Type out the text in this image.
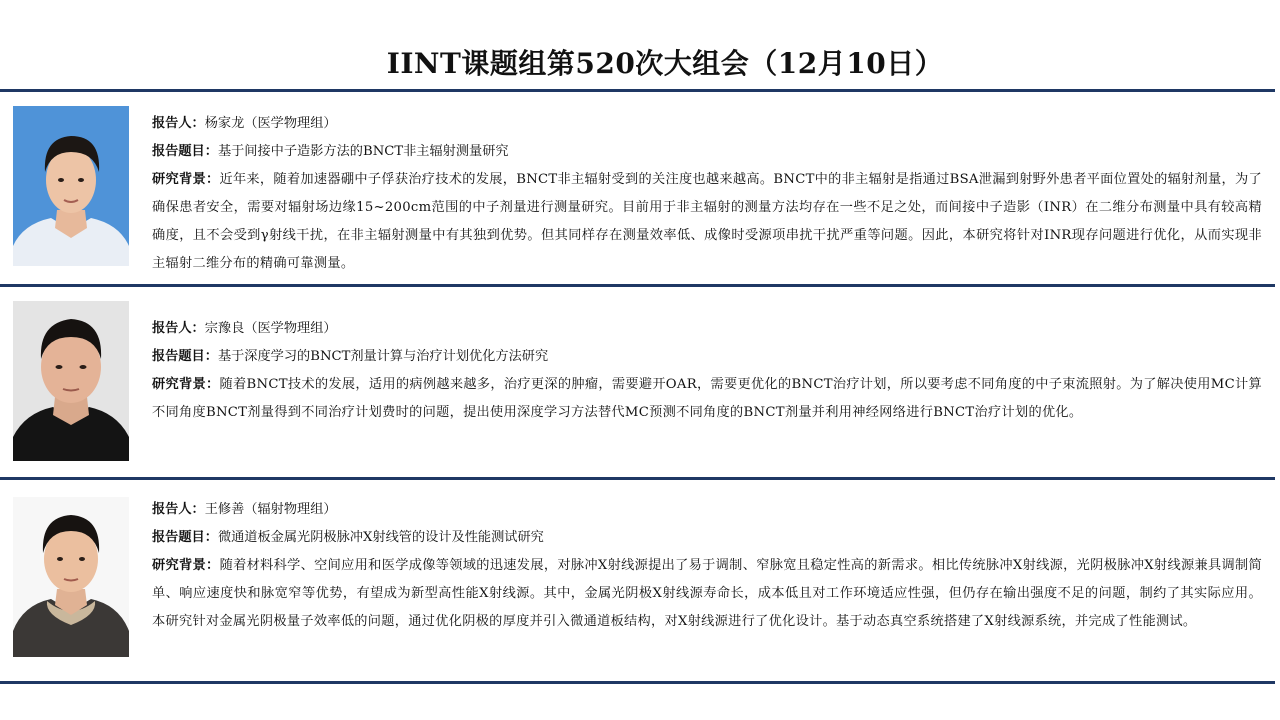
IINT课题组第520次大组会（12月10日）
报告人：杨家龙（医学物理组）
报告题目：基于间接中子造影方法的BNCT非主辐射测量研究
研究背景：近年来，随着加速器硼中子俘获治疗技术的发展，BNCT非主辐射受到的关注度也越来越高。BNCT中的非主辐射是指通过BSA泄漏到射野外患者平面位置处的辐射剂量，为了确保患者安全，需要对辐射场边缘15~200cm范围的中子剂量进行测量研究。目前用于非主辐射的测量方法均存在一些不足之处，而间接中子造影（INR）在二维分布测量中具有较高精确度，且不会受到γ射线干扰，在非主辐射测量中有其独到优势。但其同样存在测量效率低、成像时受源项串扰干扰严重等问题。因此，本研究将针对INR现存问题进行优化，从而实现非主辐射二维分布的精确可靠测量。
报告人：宗豫良（医学物理组）
报告题目：基于深度学习的BNCT剂量计算与治疗计划优化方法研究
研究背景：随着BNCT技术的发展，适用的病例越来越多，治疗更深的肿瘤，需要避开OAR，需要更优化的BNCT治疗计划，所以要考虑不同角度的中子束流照射。为了解决使用MC计算不同角度BNCT剂量得到不同治疗计划费时的问题，提出使用深度学习方法替代MC预测不同角度的BNCT剂量并利用神经网络进行BNCT治疗计划的优化。
报告人：王修善（辐射物理组）
报告题目：微通道板金属光阴极脉冲X射线管的设计及性能测试研究
研究背景：随着材料科学、空间应用和医学成像等领域的迅速发展，对脉冲X射线源提出了易于调制、窄脉宽且稳定性高的新需求。相比传统脉冲X射线源，光阴极脉冲X射线源兼具调制简单、响应速度快和脉宽窄等优势，有望成为新型高性能X射线源。其中，金属光阴极X射线源寿命长，成本低且对工作环境适应性强，但仍存在输出强度不足的问题，制约了其实际应用。本研究针对金属光阴极量子效率低的问题，通过优化阴极的厚度并引入微通道板结构，对X射线源进行了优化设计。基于动态真空系统搭建了X射线源系统，并完成了性能测试。
